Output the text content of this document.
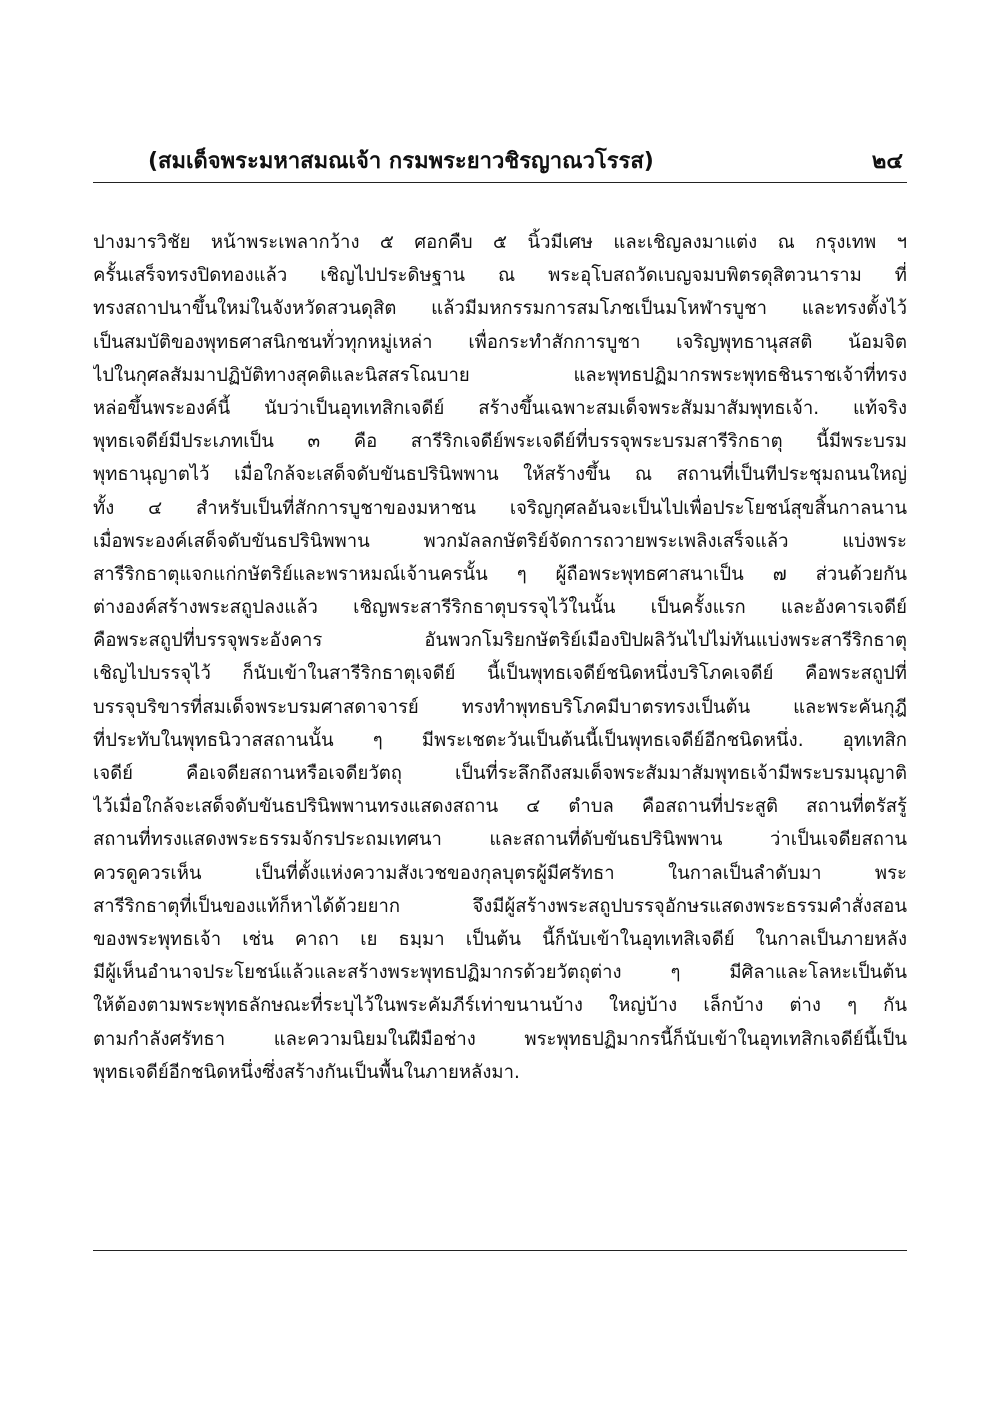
(สมเด็จพระมหาสมณเจ้า กรมพระยาวชิรญาณวโรรส)	๒๔
ปางมารวิชัย หน้าพระเพลากว้าง ๕ ศอกคืบ ๕ นิ้วมีเศษ และเชิญลงมาแต่ง ณ กรุงเทพ ฯ
ครั้นเสร็จทรงปิดทองแล้ว เชิญไปประดิษฐาน ณ พระอุโบสถวัดเบญจมบพิตรดุสิตวนาราม ที่
ทรงสถาปนาขึ้นใหม่ในจังหวัดสวนดุสิต แล้วมีมหกรรมการสมโภชเป็นมโหฬารบูชา และทรงตั้งไว้
เป็นสมบัติของพุทธศาสนิกชนทั่วทุกหมู่เหล่า เพื่อกระทำสักการบูชา เจริญพุทธานุสสติ น้อมจิต
ไปในกุศลสัมมาปฏิบัติทางสุคติและนิสสรโณบาย และพุทธปฏิมากรพระพุทธชินราชเจ้าที่ทรง
หล่อขึ้นพระองค์นี้ นับว่าเป็นอุทเทสิกเจดีย์ สร้างขึ้นเฉพาะสมเด็จพระสัมมาสัมพุทธเจ้า. แท้จริง
พุทธเจดีย์มีประเภทเป็น ๓ คือ สารีริกเจดีย์พระเจดีย์ที่บรรจุพระบรมสารีริกธาตุ นี้มีพระบรม
พุทธานุญาตไว้ เมื่อใกล้จะเสด็จดับขันธปรินิพพาน ให้สร้างขึ้น ณ สถานที่เป็นทีประชุมถนนใหญ่
ทั้ง ๔ สำหรับเป็นที่สักการบูชาของมหาชน เจริญกุศลอันจะเป็นไปเพื่อประโยชน์สุขสิ้นกาลนาน
เมื่อพระองค์เสด็จดับขันธปรินิพพาน พวกมัลลกษัตริย์จัดการถวายพระเพลิงเสร็จแล้ว แบ่งพระ
สารีริกธาตุแจกแก่กษัตริย์และพราหมณ์เจ้านครนั้น ๆ ผู้ถือพระพุทธศาสนาเป็น ๗ ส่วนด้วยกัน
ต่างองค์สร้างพระสถูปลงแล้ว เชิญพระสารีริกธาตุบรรจุไว้ในนั้น เป็นครั้งแรก และอังคารเจดีย์
คือพระสถูปที่บรรจุพระอังคาร อันพวกโมริยกษัตริย์เมืองปิปผลิวันไปไม่ทันแบ่งพระสารีริกธาตุ
เชิญไปบรรจุไว้ ก็นับเข้าในสารีริกธาตุเจดีย์ นี้เป็นพุทธเจดีย์ชนิดหนึ่งบริโภคเจดีย์ คือพระสถูปที่
บรรจุบริขารที่สมเด็จพระบรมศาสดาจารย์ ทรงทำพุทธบริโภคมีบาตรทรงเป็นต้น และพระคันกุฎี
ที่ประทับในพุทธนิวาสสถานนั้น ๆ มีพระเชตะวันเป็นต้นนี้เป็นพุทธเจดีย์อีกชนิดหนึ่ง. อุทเทสิก
เจดีย์ คือเจดียสถานหรือเจดียวัตถุ เป็นที่ระลึกถึงสมเด็จพระสัมมาสัมพุทธเจ้ามีพระบรมนุญาติ
ไว้เมื่อใกล้จะเสด็จดับขันธปรินิพพานทรงแสดงสถาน ๔ ตำบล คือสถานที่ประสูติ สถานที่ตรัสรู้
สถานที่ทรงแสดงพระธรรมจักรประถมเทศนา และสถานที่ดับขันธปรินิพพาน ว่าเป็นเจดียสถาน
ควรดูควรเห็น เป็นที่ตั้งแห่งความสังเวชของกุลบุตรผู้มีศรัทธา ในกาลเป็นลำดับมา พระ
สารีริกธาตุที่เป็นของแท้ก็หาได้ด้วยยาก จึงมีผู้สร้างพระสถูปบรรจุอักษรแสดงพระธรรมคำสั่งสอน
ของพระพุทธเจ้า เช่น คาถา เย ธมฺมา เป็นต้น นี้ก็นับเข้าในอุทเทสิเจดีย์ ในกาลเป็นภายหลัง
มีผู้เห็นอำนาจประโยชน์แล้วและสร้างพระพุทธปฏิมากรด้วยวัตถุต่าง ๆ มีศิลาและโลหะเป็นต้น
ให้ต้องตามพระพุทธลักษณะที่ระบุไว้ในพระคัมภีร์เท่าขนานบ้าง ใหญ่บ้าง เล็กบ้าง ต่าง ๆ กัน
ตามกำลังศรัทธา และความนิยมในฝีมือช่าง พระพุทธปฏิมากรนี้ก็นับเข้าในอุทเทสิกเจดีย์นี้เป็น
พุทธเจดีย์อีกชนิดหนึ่งซึ่งสร้างกันเป็นพื้นในภายหลังมา.
